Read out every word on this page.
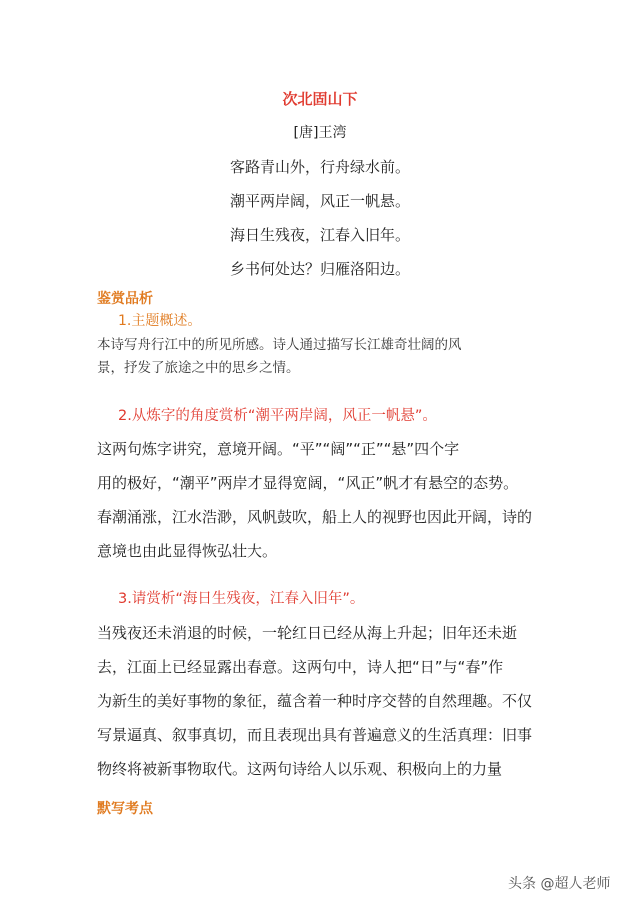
次北固山下
[唐]王湾
客路青山外，行舟绿水前。
潮平两岸阔，风正一帆悬。
海日生残夜，江春入旧年。
乡书何处达？归雁洛阳边。
鉴赏品析
1.主题概述。
本诗写舟行江中的所见所感。诗人通过描写长江雄奇壮阔的风
景，抒发了旅途之中的思乡之情。
2.从炼字的角度赏析“潮平两岸阔，风正一帆悬”。
这两句炼字讲究，意境开阔。“平”“阔”“正”“悬”四个字
用的极好，“潮平”两岸才显得宽阔，“风正”帆才有悬空的态势。
春潮涌涨，江水浩渺，风帆鼓吹，船上人的视野也因此开阔，诗的
意境也由此显得恢弘壮大。
3.请赏析“海日生残夜，江春入旧年”。
当残夜还未消退的时候，一轮红日已经从海上升起；旧年还未逝
去，江面上已经显露出春意。这两句中，诗人把“日”与“春”作
为新生的美好事物的象征，蕴含着一种时序交替的自然理趣。不仅
写景逼真、叙事真切，而且表现出具有普遍意义的生活真理：旧事
物终将被新事物取代。这两句诗给人以乐观、积极向上的力量
默写考点
头条 @超人老师
